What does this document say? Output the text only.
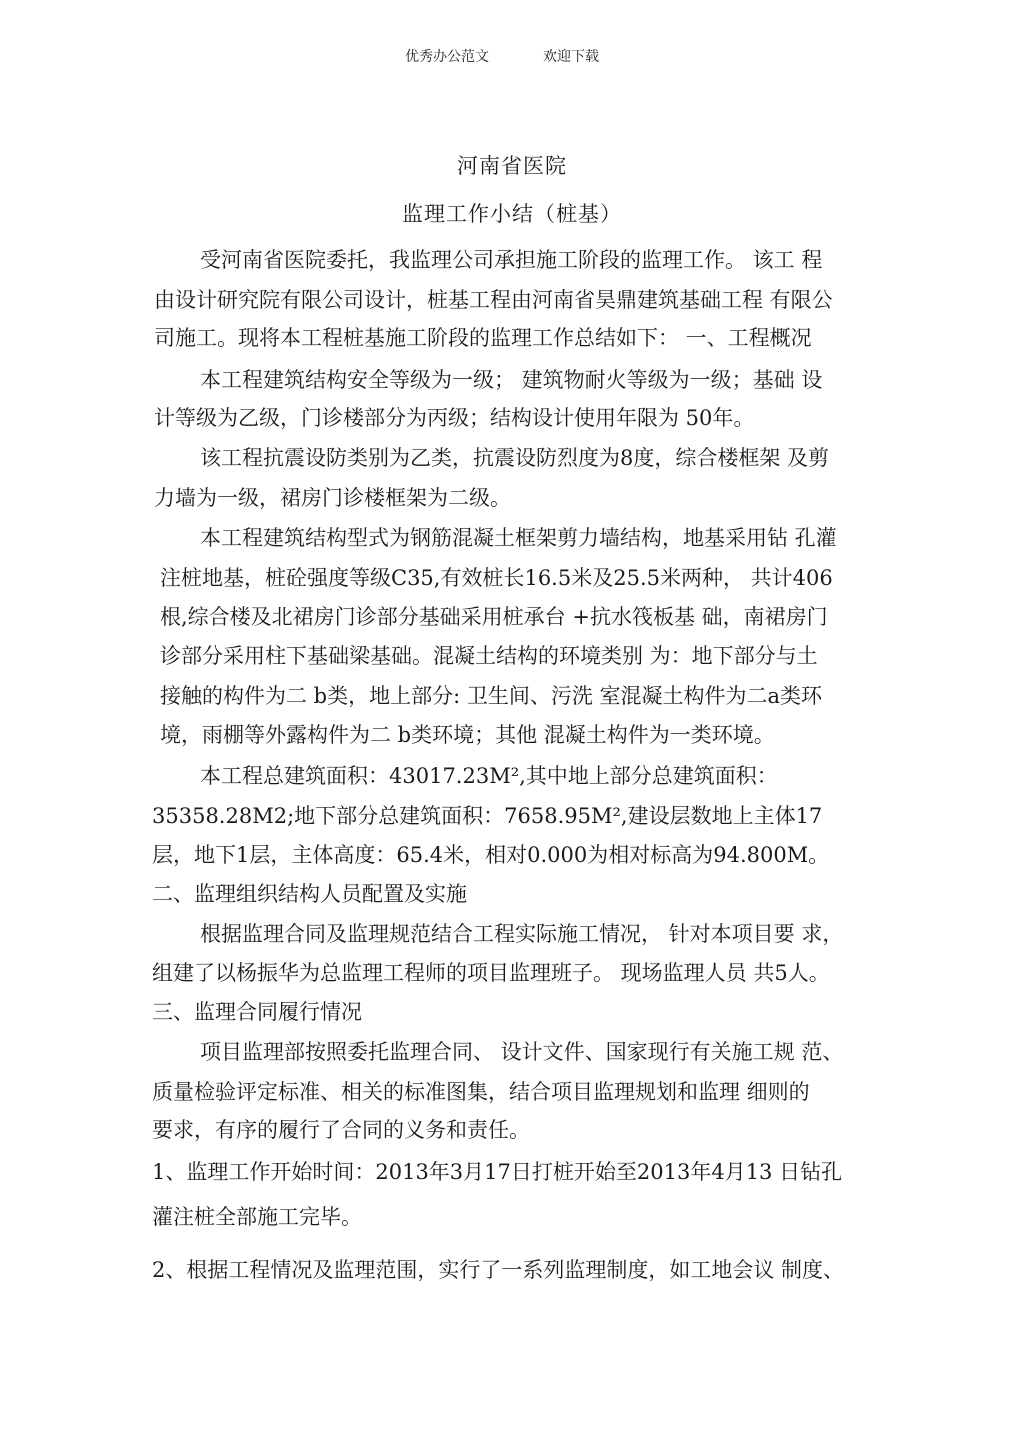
优秀办公范文	欢迎下载
河南省医院
监理工作小结（桩基）
受河南省医院委托，我监理公司承担施工阶段的监理工作。 该工 程
由设计研究院有限公司设计，桩基工程由河南省昊鼎建筑基础工程 有限公
司施工。现将本工程桩基施工阶段的监理工作总结如下： 一、工程概况
本工程建筑结构安全等级为一级； 建筑物耐火等级为一级；基础 设
计等级为乙级，门诊楼部分为丙级；结构设计使用年限为 50年。
该工程抗震设防类别为乙类，抗震设防烈度为8度，综合楼框架 及剪
力墙为一级，裙房门诊楼框架为二级。
本工程建筑结构型式为钢筋混凝土框架剪力墙结构，地基采用钻 孔灌
注桩地基，桩砼强度等级C35,有效桩长16.5米及25.5米两种， 共计406
根,综合楼及北裙房门诊部分基础采用桩承台 +抗水筏板基 础，南裙房门
诊部分采用柱下基础梁基础。混凝土结构的环境类别 为：地下部分与土
接触的构件为二 b类，地上部分: 卫生间、污洗 室混凝土构件为二a类环
境，雨棚等外露构件为二 b类环境；其他 混凝土构件为一类环境。
本工程总建筑面积：43017.23M²,其中地上部分总建筑面积：
35358.28M2;地下部分总建筑面积：7658.95M²,建设层数地上主体17
层，地下1层，主体高度：65.4米，相对0.000为相对标高为94.800M。
二、监理组织结构人员配置及实施
根据监理合同及监理规范结合工程实际施工情况， 针对本项目要 求，
组建了以杨振华为总监理工程师的项目监理班子。 现场监理人员 共5人。
三、监理合同履行情况
项目监理部按照委托监理合同、 设计文件、国家现行有关施工规 范、
质量检验评定标准、相关的标准图集，结合项目监理规划和监理 细则的
要求，有序的履行了合同的义务和责任。
1、监理工作开始时间：2013年3月17日打桩开始至2013年4月13 日钻孔
灌注桩全部施工完毕。
2、根据工程情况及监理范围，实行了一系列监理制度，如工地会议 制度、
